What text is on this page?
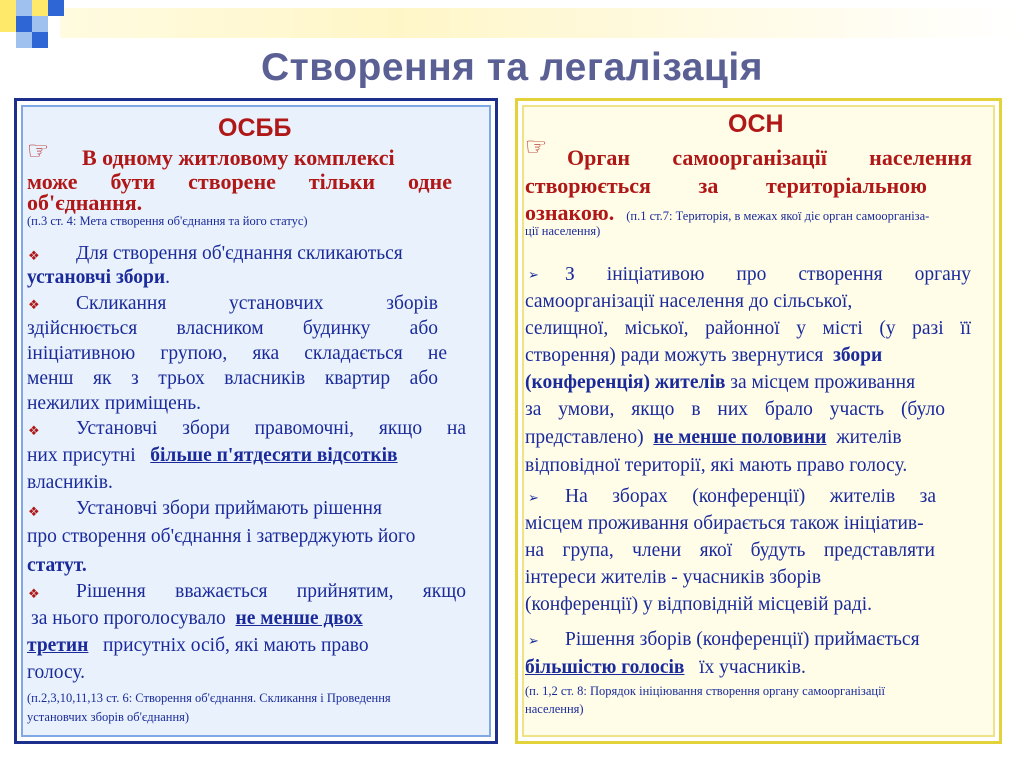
Створення та легалізація
ОСББ
☞ В одному житловому комплексі
може бути створене тільки одне
об'єднання.
(п.3 ст. 4: Мета створення об'єднання та його статус)
❖ Для створення об'єднання скликаються
установчі збори.
❖ Скликання установчих зборів
здійснюється власником будинку або
ініціативною групою, яка складається не
менш як з трьох власників квартир або
нежилих приміщень.
❖ Установчі збори правомочні, якщо на
них присутні більше п'ятдесяти відсотків
власників.
❖ Установчі збори приймають рішення
про створення об'єднання і затверджують його
статут.
❖ Рішення вважається прийнятим, якщо
за нього проголосувало не менше двох
третин присутніх осіб, які мають право
голосу.
(п.2,3,10,11,13 ст. 6: Створення об'єднання. Скликання і Проведення
установчих зборів об'єднання)
ОСН
☞ Орган самоорганізації населення
створюється за територіальною
ознакою. (п.1 ст.7: Територія, в межах якої діє орган самоорганіза-
ції населення)
➢ З ініціативою про створення органу
самоорганізації населення до сільської,
селищної, міської, районної у місті (у разі її
створення) ради можуть звернутися збори
(конференція) жителів за місцем проживання
за умови, якщо в них брало участь (було
представлено) не менше половини жителів
відповідної території, які мають право голосу.
➢ На зборах (конференції) жителів за
місцем проживання обирається також ініціатив-
на група, члени якої будуть представляти
інтереси жителів - учасників зборів
(конференції) у відповідній місцевій раді.
➢ Рішення зборів (конференції) приймається
більшістю голосів їх учасників.
(п. 1,2 ст. 8: Порядок ініціювання створення органу самоорганізації
населення)
